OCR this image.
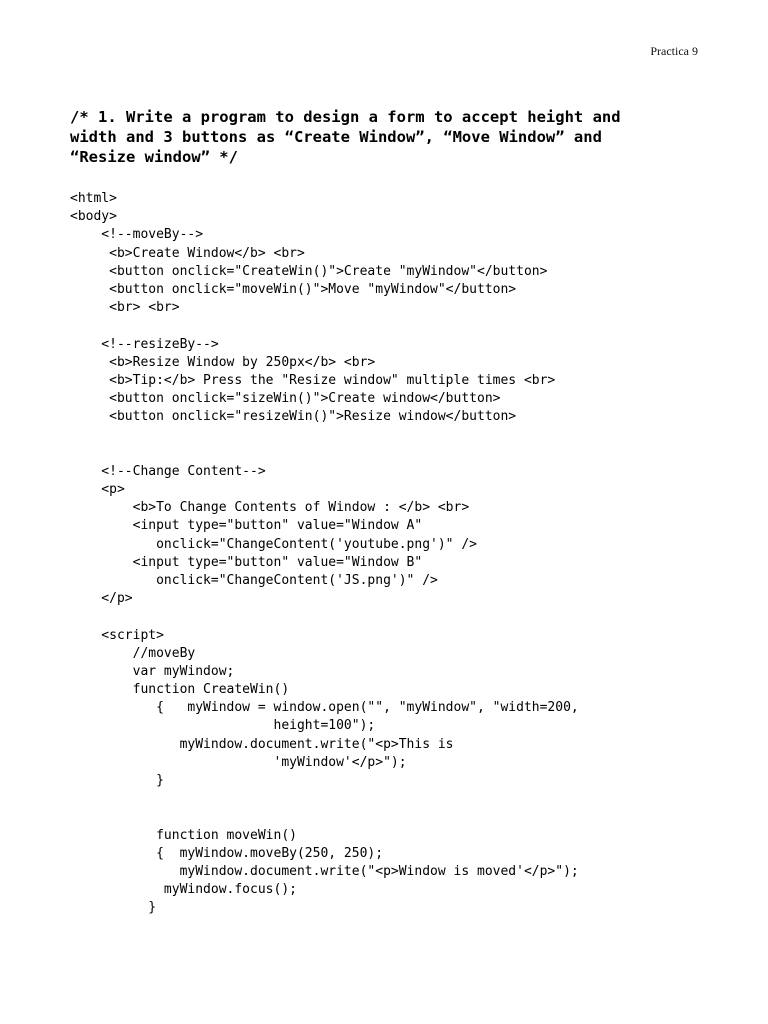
Practica 9
/* 1. Write a program to design a form to accept height and
width and 3 buttons as “Create Window”, “Move Window” and
“Resize window” */
<html>
<body>
<!--moveBy-->
<b>Create Window</b> <br>
<button onclick="CreateWin()">Create "myWindow"</button>
<button onclick="moveWin()">Move "myWindow"</button>
<br> <br>
<!--resizeBy-->
<b>Resize Window by 250px</b> <br>
<b>Tip:</b> Press the "Resize window" multiple times <br>
<button onclick="sizeWin()">Create window</button>
<button onclick="resizeWin()">Resize window</button>
<!--Change Content-->
<p>
<b>To Change Contents of Window : </b> <br>
<input type="button" value="Window A"
onclick="ChangeContent('youtube.png')" />
<input type="button" value="Window B"
onclick="ChangeContent('JS.png')" />
</p>
<script>
//moveBy
var myWindow;
function CreateWin()
{   myWindow = window.open("", "myWindow", "width=200,
height=100");
myWindow.document.write("<p>This is
'myWindow'</p>");
}
function moveWin()
{  myWindow.moveBy(250, 250);
myWindow.document.write("<p>Window is moved'</p>");
myWindow.focus();
}
